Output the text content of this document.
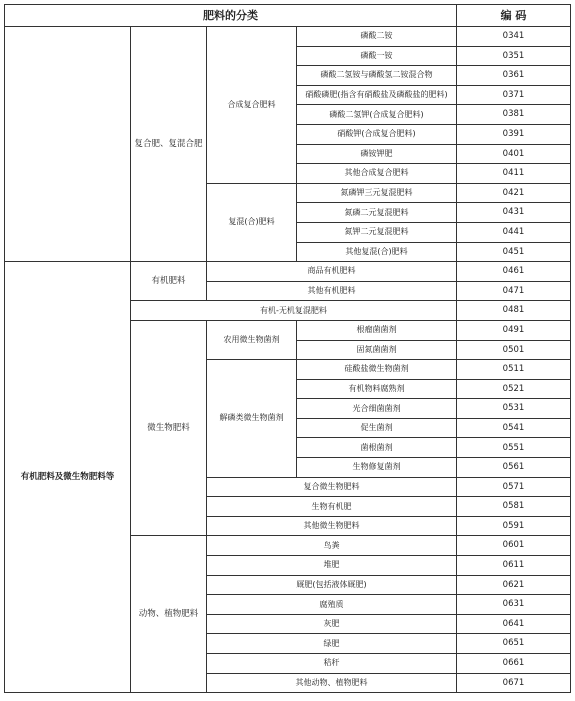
肥料的分类				编 码
	复合肥、复混合肥	合成复合肥料	磷酸二铵	0341
			磷酸一铵	0351
			磷酸二氢铵与磷酸氢二铵混合物	0361
			硝酸磷肥(指含有硝酸盐及磷酸盐的肥料)	0371
			磷酸二氢钾(合成复合肥料)	0381
			硝酸钾(合成复合肥料)	0391
			磷铵钾肥	0401
			其他合成复合肥料	0411
		复混(合)肥料	氮磷钾三元复混肥料	0421
			氮磷二元复混肥料	0431
			氮钾二元复混肥料	0441
			其他复混(合)肥料	0451
有机肥料及微生物肥料等	有机肥料	商品有机肥料		0461
		其他有机肥料		0471
	有机-无机复混肥料			0481
	微生物肥料	农用微生物菌剂	根瘤菌菌剂	0491
			固氮菌菌剂	0501
		解磷类微生物菌剂	硅酸盐微生物菌剂	0511
			有机物料腐熟剂	0521
			光合细菌菌剂	0531
			促生菌剂	0541
			菌根菌剂	0551
			生物修复菌剂	0561
		复合微生物肥料		0571
		生物有机肥		0581
		其他微生物肥料		0591
	动物、植物肥料	鸟粪		0601
		堆肥		0611
		厩肥(包括液体厩肥)		0621
		腐殖质		0631
		灰肥		0641
		绿肥		0651
		秸秆		0661
		其他动物、植物肥料		0671
